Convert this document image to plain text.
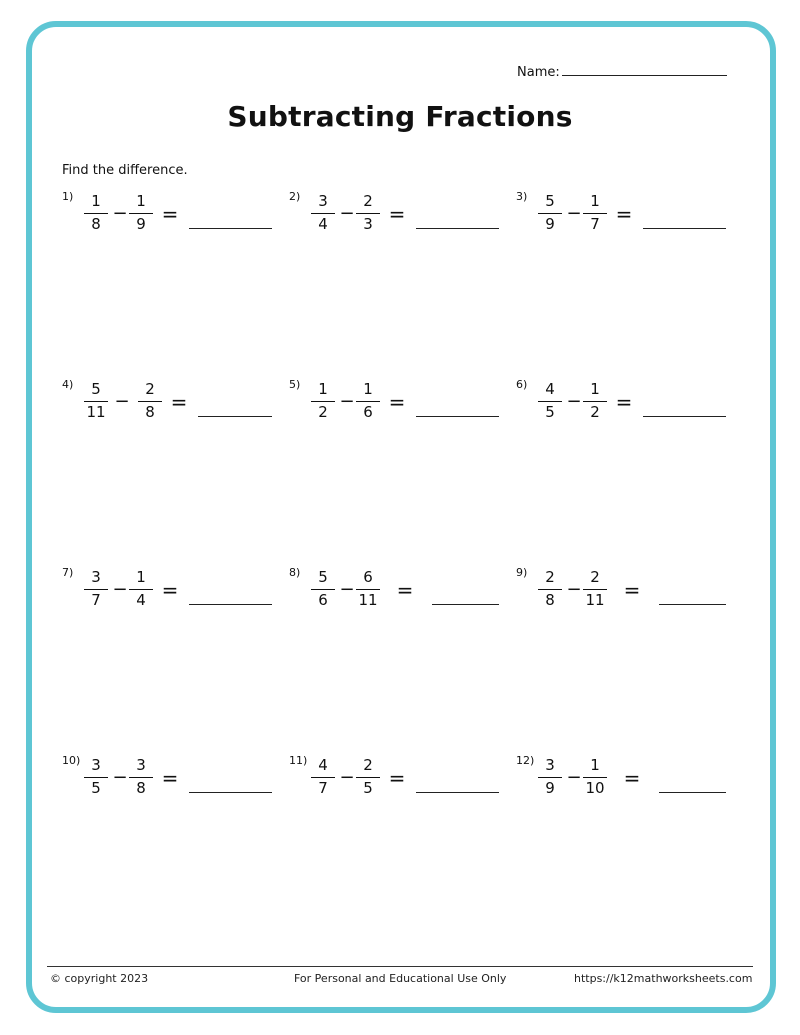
Name:
Subtracting Fractions
Find the difference.
1)	1
8 −
1
9 =
2)	3
4 −
2
3 =
3)	5
9 −
1
7 =
4)	5
11 −
2
8 =
5)	1
2 −
1
6 =
6)	4
5 −
1
2 =
7)	3
7 −
1
4 =
8)	5
6 −
6
11 =
9)	2
8 −
2
11 =
10) 3
5 −
3
8 =
11) 4
7 −
2
5 =
12) 3
9 −
1
10 =
© copyright 2023	For Personal and Educational Use Only	https://k12mathworksheets.com
